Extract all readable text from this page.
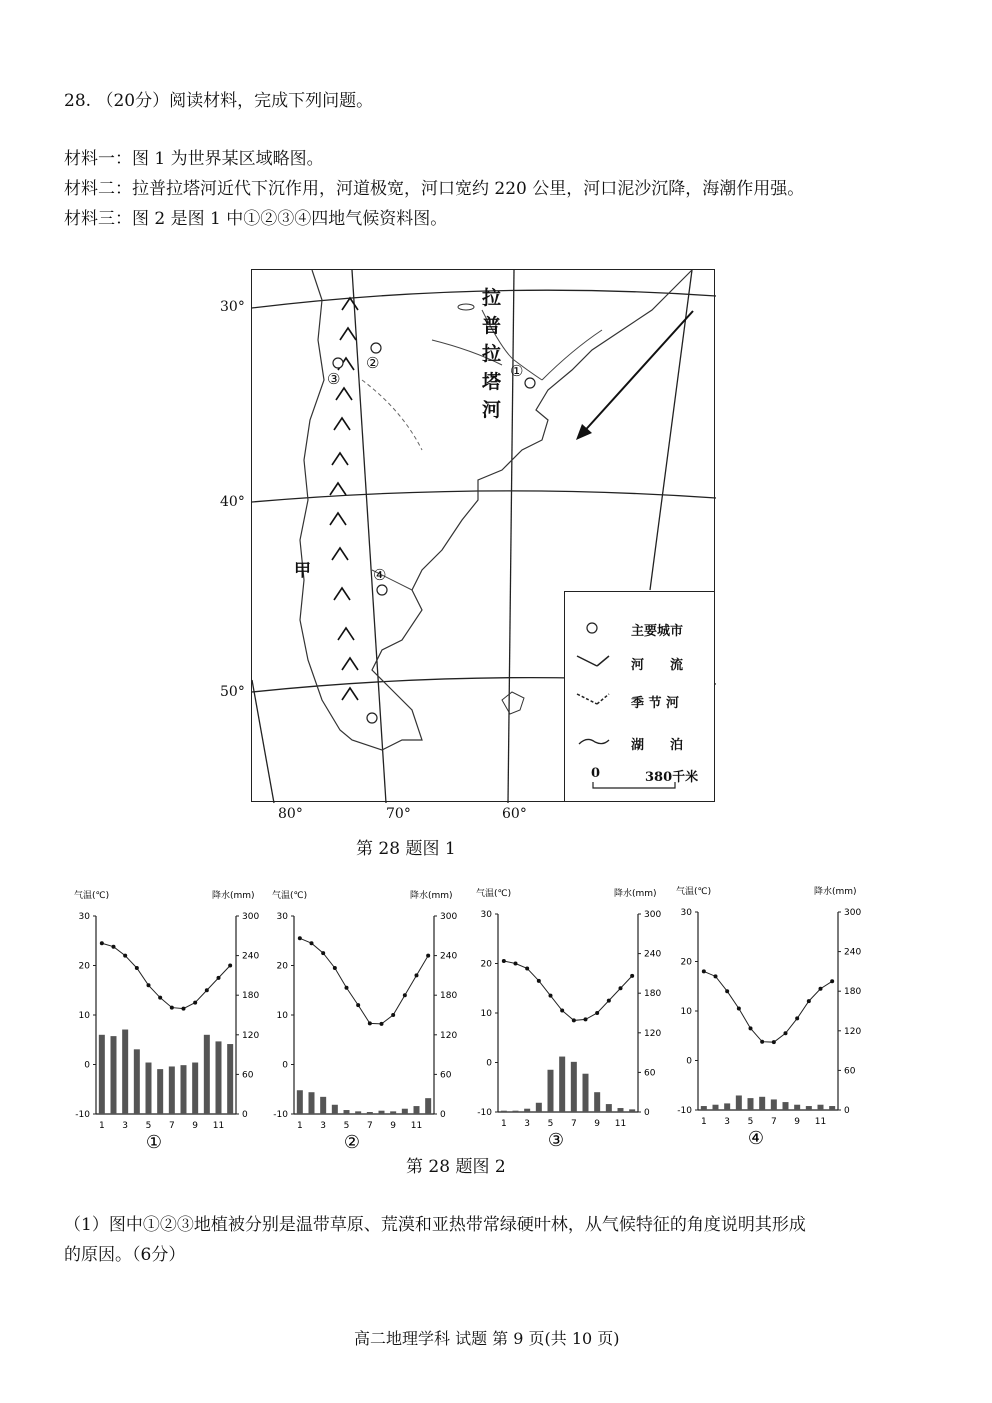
28. （20分）阅读材料，完成下列问题。
材料一：图 1 为世界某区域略图。
材料二：拉普拉塔河近代下沉作用，河道极宽，河口宽约 220 公里，河口泥沙沉降，海潮作用强。
材料三：图 2 是图 1 中①②③④四地气候资料图。
拉
普
拉
塔
河
①
②
③
④
甲
30°
40°
50°
80°	70°	60°
主要城市
河　　流
季 节 河
湖　　泊
0	380千米
第 28 题图 1
气温(℃)	降水(mm)
30
20
10
0
-10
300
240
180
120
60
0
1 3 5 7 9 11
①
气温(℃)	降水(mm)
30
20
10
0
-10
300
240
180
120
60
0
1 3 5 7 9 11
②
气温(℃)	降水(mm)
30
20
10
0
-10
300
240
180
120
60
0
1 3 5 7 9 11
③
气温(℃)	降水(mm)
30
20
10
0
-10
300
240
180
120
60
0
1 3 5 7 9 11
④
第 28 题图 2
（1）图中①②③地植被分别是温带草原、荒漠和亚热带常绿硬叶林，从气候特征的角度说明其形成
的原因。（6分）
高二地理学科 试题 第 9 页(共 10 页)
